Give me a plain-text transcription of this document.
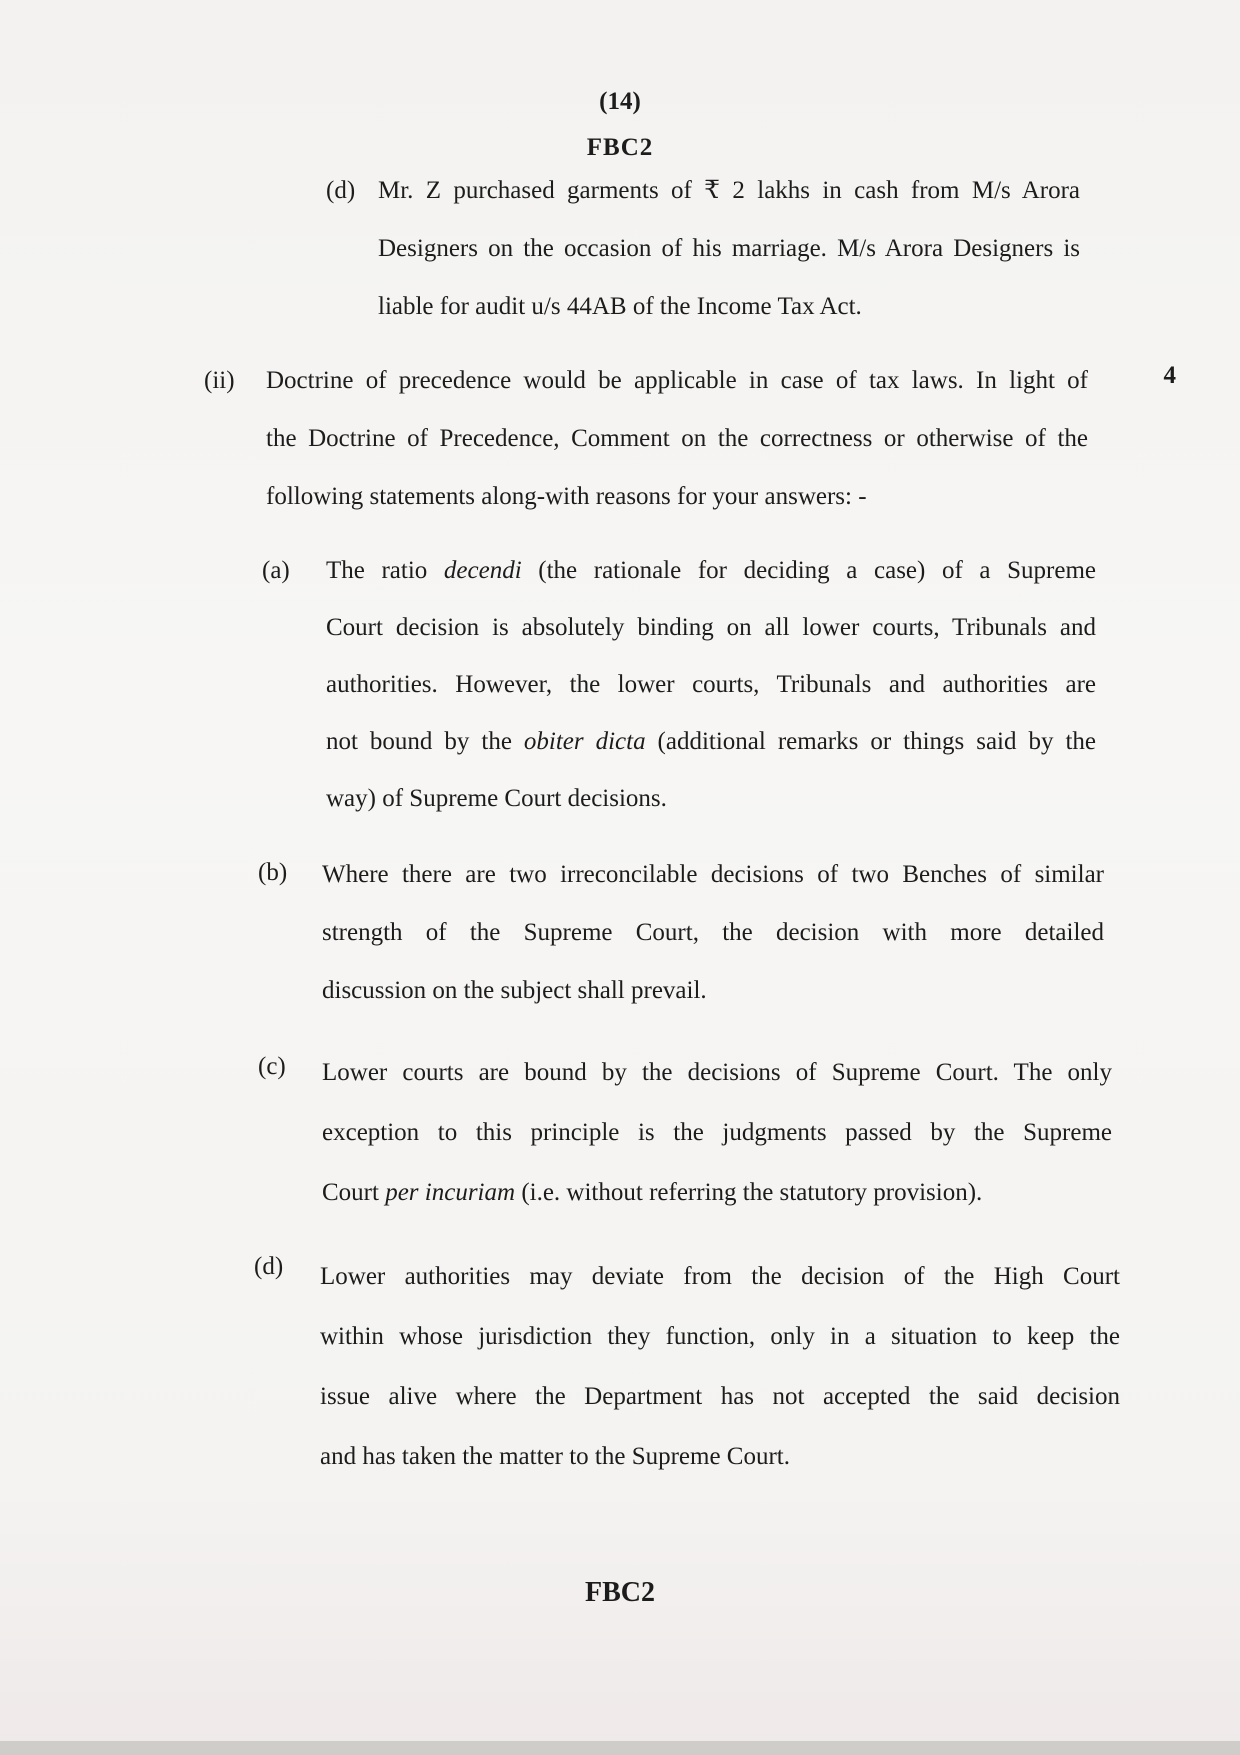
(14)
FBC2
(d) Mr. Z purchased garments of ₹ 2 lakhs in cash from M/s Arora
Designers on the occasion of his marriage. M/s Arora Designers is
liable for audit u/s 44AB of the Income Tax Act.
(ii)	4
Doctrine of precedence would be applicable in case of tax laws. In light of
the Doctrine of Precedence, Comment on the correctness or otherwise of the
following statements along-with reasons for your answers: -
(a) The ratio decendi (the rationale for deciding a case) of a Supreme
Court decision is absolutely binding on all lower courts, Tribunals and
authorities. However, the lower courts, Tribunals and authorities are
not bound by the obiter dicta (additional remarks or things said by the
way) of Supreme Court decisions.
(b) Where there are two irreconcilable decisions of two Benches of similar
strength of the Supreme Court, the decision with more detailed
discussion on the subject shall prevail.
(c) Lower courts are bound by the decisions of Supreme Court. The only
exception to this principle is the judgments passed by the Supreme
Court per incuriam (i.e. without referring the statutory provision).
(d) Lower authorities may deviate from the decision of the High Court
within whose jurisdiction they function, only in a situation to keep the
issue alive where the Department has not accepted the said decision
and has taken the matter to the Supreme Court.
FBC2
